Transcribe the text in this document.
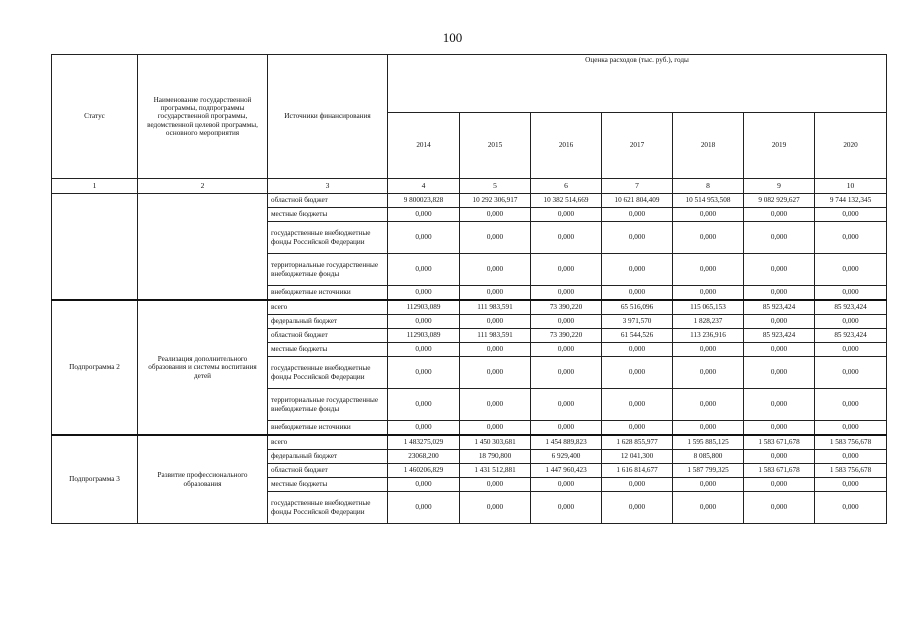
100
Статус	Наименование государственной программы, подпрограммы государственной программы, ведомственной целевой программы, основного мероприятия	Источники финансирования	Оценка расходов (тыс. руб.), годы						
			2014	2015	2016	2017	2018	2019	2020
1	2	3	4	5	6	7	8	9	10
		областной бюджет	9 800023,828	10 292 306,917	10 382 514,669	10 621 804,409	10 514 953,508	9 082 929,627	9 744 132,345
		местные бюджеты	0,000	0,000	0,000	0,000	0,000	0,000	0,000
		государственные внебюджетные фонды Российской Федерации	0,000	0,000	0,000	0,000	0,000	0,000	0,000
		территориальные государственные внебюджетные фонды	0,000	0,000	0,000	0,000	0,000	0,000	0,000
		внебюджетные источники	0,000	0,000	0,000	0,000	0,000	0,000	0,000
Подпрограмма 2	Реализация дополнительного образования и системы воспитания детей	всего	112903,089	111 983,591	73 390,220	65 516,096	115 065,153	85 923,424	85 923,424
		федеральный бюджет	0,000	0,000	0,000	3 971,570	1 828,237	0,000	0,000
		областной бюджет	112903,089	111 983,591	73 390,220	61 544,526	113 236,916	85 923,424	85 923,424
		местные бюджеты	0,000	0,000	0,000	0,000	0,000	0,000	0,000
		государственные внебюджетные фонды Российской Федерации	0,000	0,000	0,000	0,000	0,000	0,000	0,000
		территориальные государственные внебюджетные фонды	0,000	0,000	0,000	0,000	0,000	0,000	0,000
		внебюджетные источники	0,000	0,000	0,000	0,000	0,000	0,000	0,000
Подпрограмма 3	Развитие профессионального образования	всего	1 483275,029	1 450 303,681	1 454 889,823	1 628 855,977	1 595 885,125	1 583 671,678	1 583 756,678
		федеральный бюджет	23068,200	18 790,800	6 929,400	12 041,300	8 085,800	0,000	0,000
		областной бюджет	1 460206,829	1 431 512,881	1 447 960,423	1 616 814,677	1 587 799,325	1 583 671,678	1 583 756,678
		местные бюджеты	0,000	0,000	0,000	0,000	0,000	0,000	0,000
		государственные внебюджетные фонды Российской Федерации	0,000	0,000	0,000	0,000	0,000	0,000	0,000
